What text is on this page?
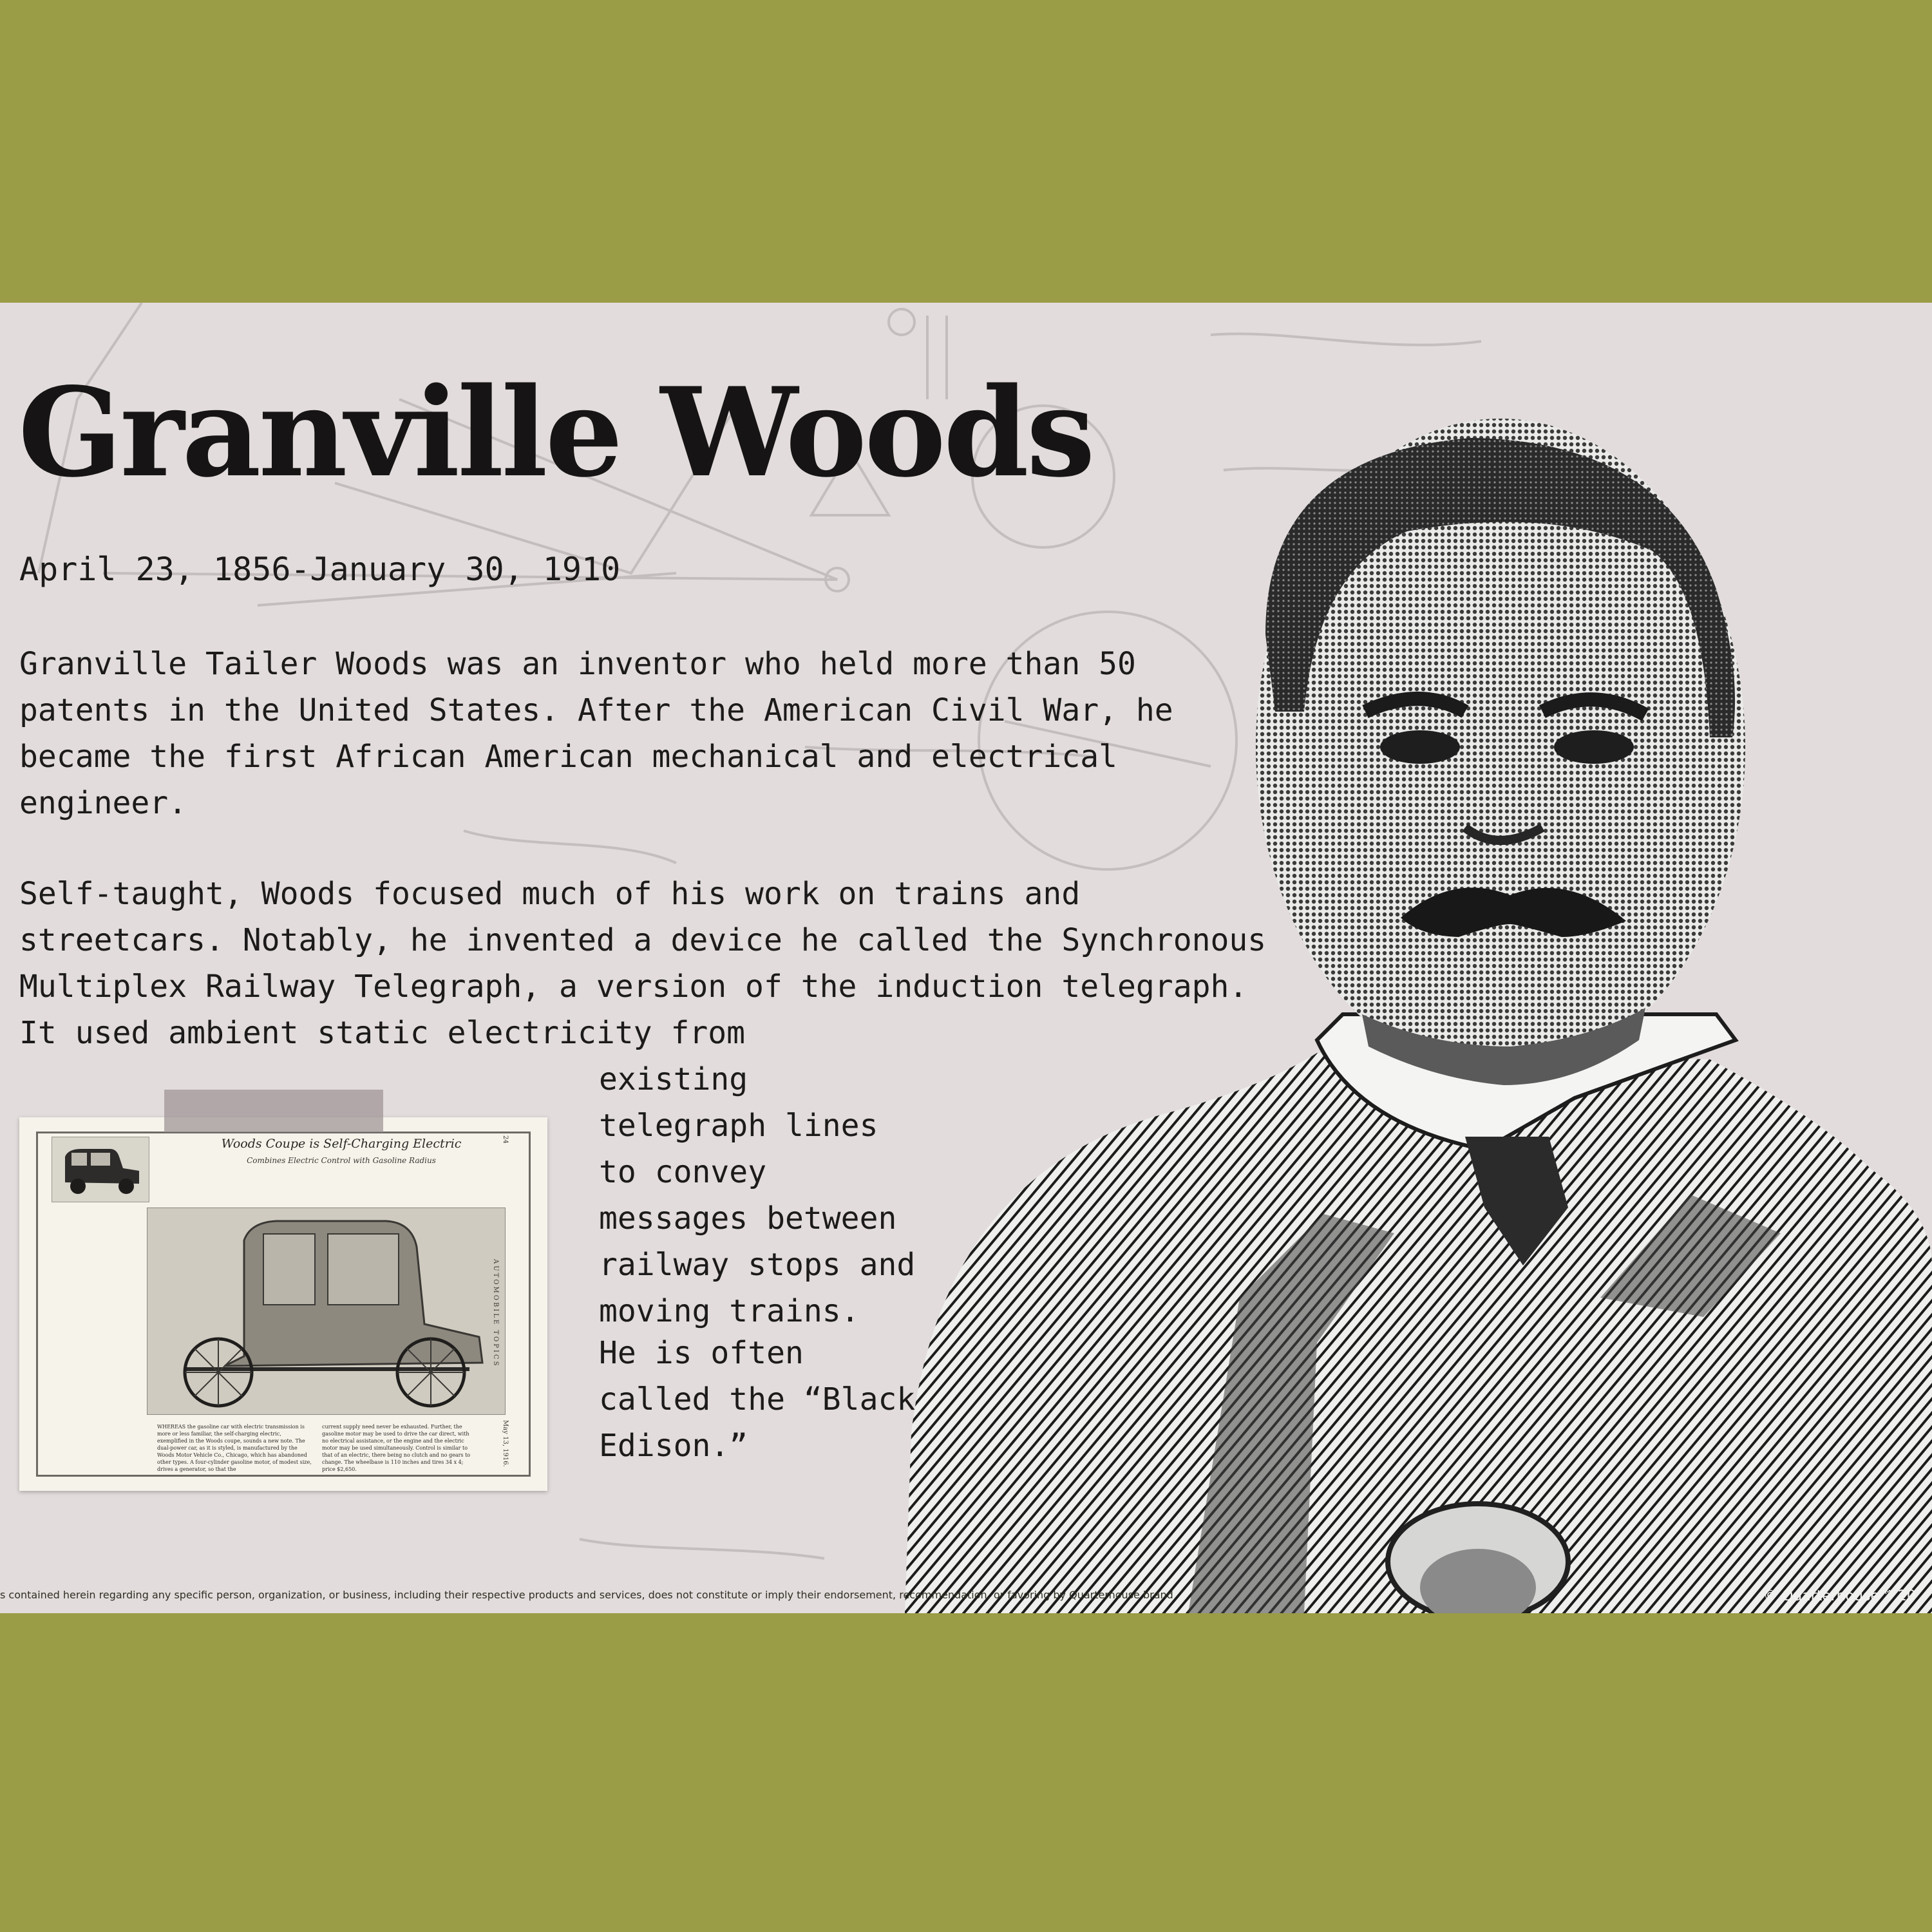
Granville Woods
April 23, 1856-January 30, 1910

Granville Tailer Woods was an inventor who held more than 50 patents in the United States. After the American Civil War, he became the first African American mechanical and electrical engineer.

Self-taught, Woods focused much of his work on trains and streetcars. Notably, he invented a device he called the Synchronous Multiplex Railway Telegraph, a version of the induction telegraph. It used ambient static electricity from

existing telegraph lines to convey messages between railway stops and moving trains.

He is often called the “Black Edison.”

Woods Coupe is Self-Charging Electric
Combines Electric Control with Gasoline Radius
24
AUTOMOBILE TOPICS
May 13, 1916.
WHEREAS the gasoline car with electric transmission is more or less familiar, the self-charging electric, exemplified in the Woods coupe, sounds a new note. The dual-power car, as it is styled, is manufactured by the Woods Motor Vehicle Co., Chicago, which has abandoned other types. A four-cylinder gasoline motor, of modest size, drives a generator, so that the
current supply need never be exhausted. Further, the gasoline motor may be used to drive the car direct, with no electrical assistance, or the engine and the electric motor may be used simultaneously. Control is similar to that of an electric, there being no clutch and no gears to change. The wheelbase is 110 inches and tires 34 x 4; price $2,650.
s contained herein regarding any specific person, organization, or business, including their respective products and services, does not constitute or imply their endorsement, recommendation, or favoring by Quarterhouse brand	© Quarterhouse™ 20
